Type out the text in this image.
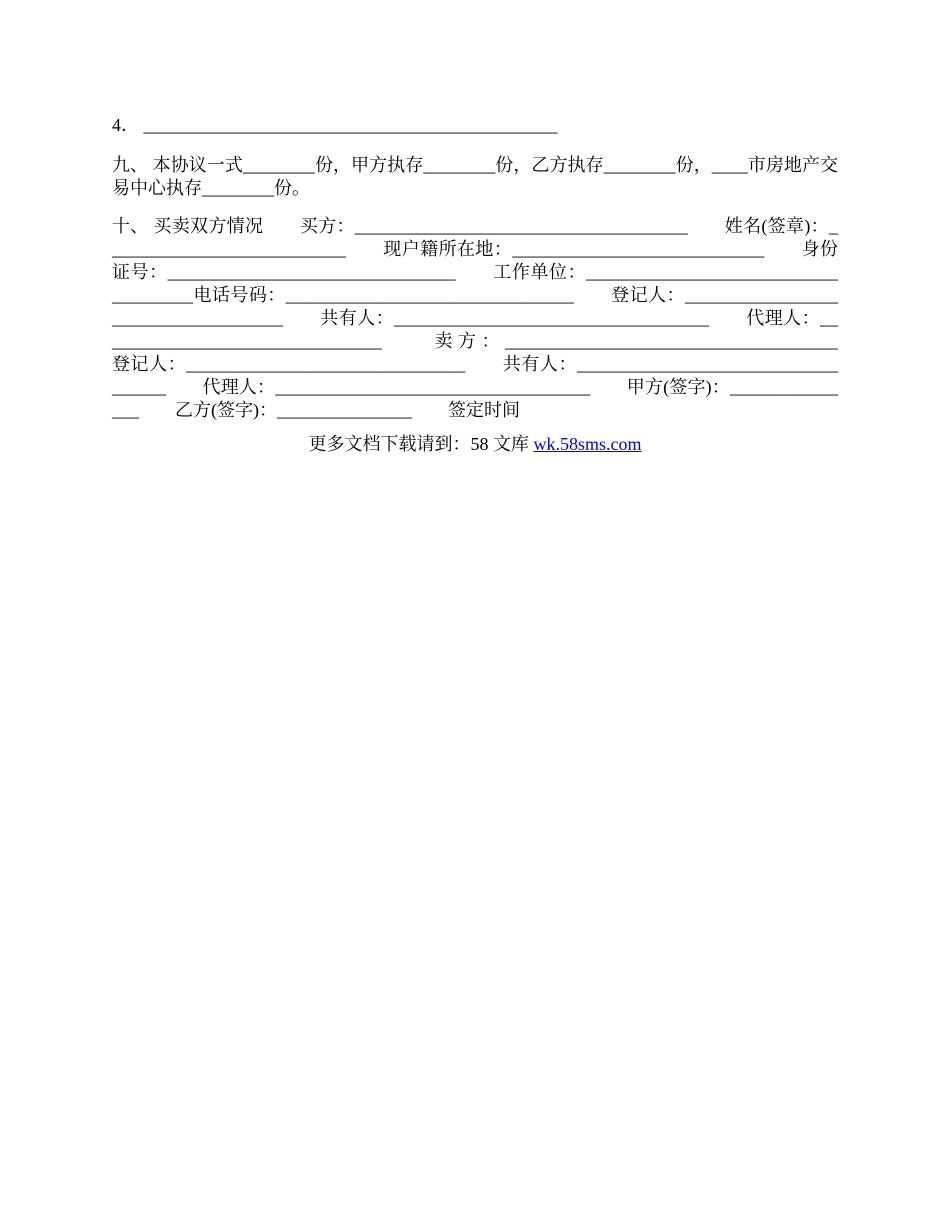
4． ______________________________________________

九、 本协议一式________份，甲方执存________份，乙方执存________份，____市房地产交易中心执存________份。

十、 买卖双方情况　　买方：_____________________________________　　姓名(签章)：___________________________　　现户籍所在地：____________________________　　身份证号：________________________________　　工作单位：_____________________________________电话号码：________________________________　　登记人：____________________________________　　共有人：___________________________________　　代理人：________________________________　　卖方：_____________________________________　　登记人：_______________________________　　共有人：___________________________________　　代理人：___________________________________　　甲方(签字)：_______________　　乙方(签字)：_______________　　签定时间

更多文档下载请到：58 文库 wk.58sms.com
